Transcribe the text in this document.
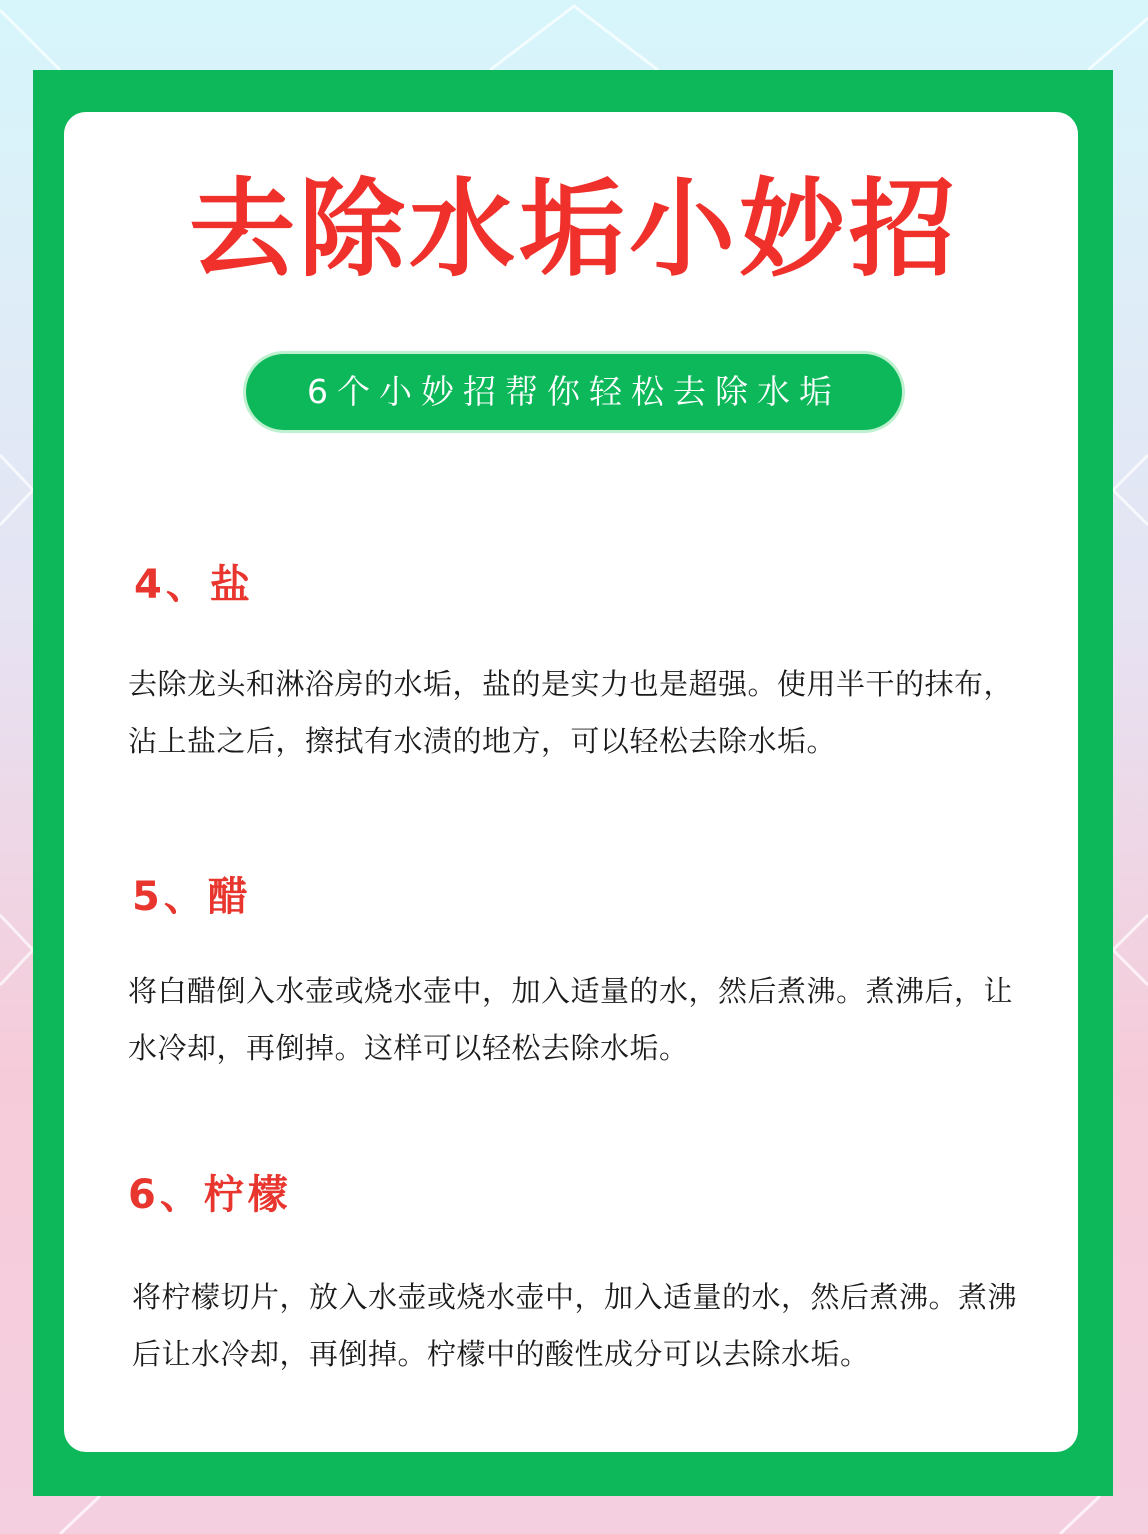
去除水垢小妙招
6个小妙招帮你轻松去除水垢
4、盐

去除龙头和淋浴房的水垢，盐的是实力也是超强。使用半干的抹布，沾上盐之后，擦拭有水渍的地方，可以轻松去除水垢。

5、醋

将白醋倒入水壶或烧水壶中，加入适量的水，然后煮沸。煮沸后，让水冷却，再倒掉。这样可以轻松去除水垢。

6、柠檬

将柠檬切片，放入水壶或烧水壶中，加入适量的水，然后煮沸。煮沸后让水冷却，再倒掉。柠檬中的酸性成分可以去除水垢。
